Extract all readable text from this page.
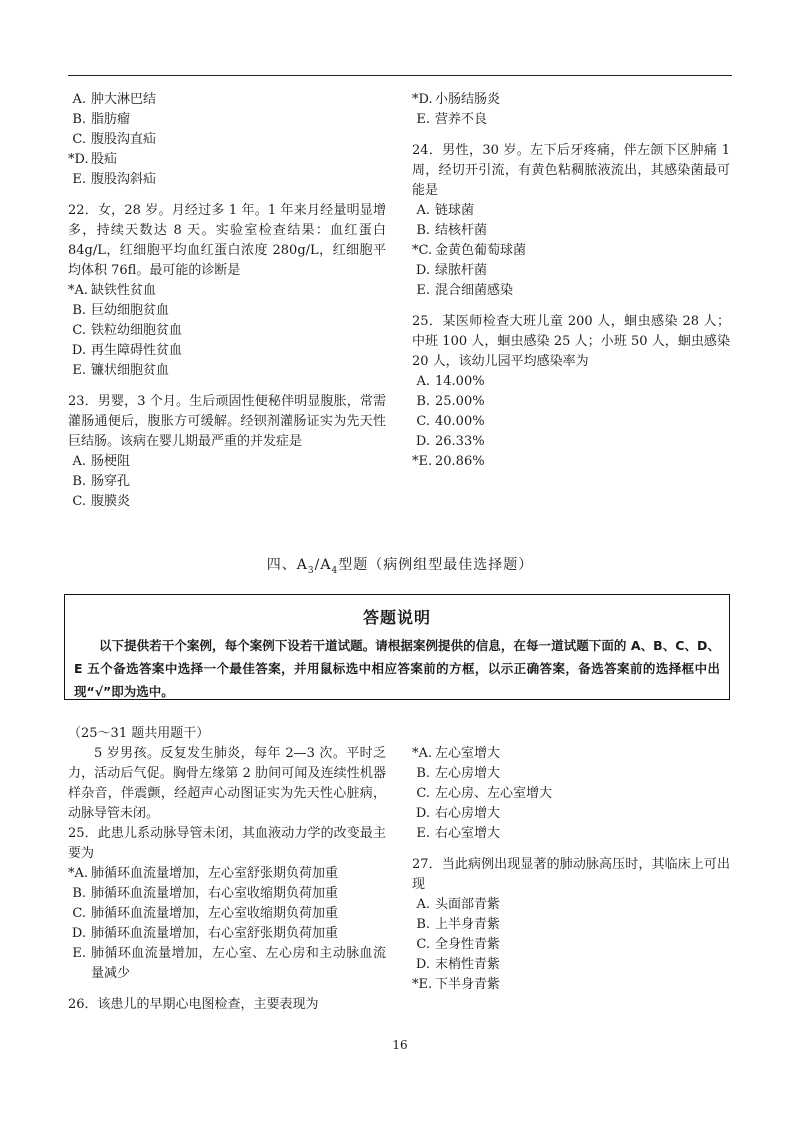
A. 肿大淋巴结
B. 脂肪瘤
C. 腹股沟直疝
*D. 股疝
E. 腹股沟斜疝
22．女，28 岁。月经过多 1 年。1 年来月经量明显增多，持续天数达 8 天。实验室检查结果：血红蛋白 84g/L，红细胞平均血红蛋白浓度 280g/L，红细胞平均体积 76fl。最可能的诊断是
*A. 缺铁性贫血
B. 巨幼细胞贫血
C. 铁粒幼细胞贫血
D. 再生障碍性贫血
E. 镰状细胞贫血
23．男婴，3 个月。生后顽固性便秘伴明显腹胀，常需灌肠通便后，腹胀方可缓解。经钡剂灌肠证实为先天性巨结肠。该病在婴儿期最严重的并发症是
A. 肠梗阻
B. 肠穿孔
C. 腹膜炎
*D. 小肠结肠炎
E. 营养不良
24．男性，30 岁。左下后牙疼痛，伴左颌下区肿痛 1 周，经切开引流，有黄色粘稠脓液流出，其感染菌最可能是
A. 链球菌
B. 结核杆菌
*C. 金黄色葡萄球菌
D. 绿脓杆菌
E. 混合细菌感染
25．某医师检查大班儿童 200 人，蛔虫感染 28 人；中班 100 人，蛔虫感染 25 人；小班 50 人，蛔虫感染 20 人，该幼儿园平均感染率为
A. 14.00%
B. 25.00%
C. 40.00%
D. 26.33%
*E. 20.86%
四、$A_3/A_4$型题（病例组型最佳选择题）
答题说明
以下提供若干个案例，每个案例下设若干道试题。请根据案例提供的信息，在每一道试题下面的 A、B、C、D、E 五个备选答案中选择一个最佳答案，并用鼠标选中相应答案前的方框，以示正确答案，备选答案前的选择框中出现“√”即为选中。
（25～31 题共用题干）
5 岁男孩。反复发生肺炎，每年 2—3 次。平时乏力，活动后气促。胸骨左缘第 2 肋间可闻及连续性机器样杂音，伴震颤，经超声心动图证实为先天性心脏病，动脉导管未闭。
25．此患儿系动脉导管未闭，其血液动力学的改变最主要为
*A. 肺循环血流量增加，左心室舒张期负荷加重
B. 肺循环血流量增加，右心室收缩期负荷加重
C. 肺循环血流量增加，左心室收缩期负荷加重
D. 肺循环血流量增加，右心室舒张期负荷加重
E. 肺循环血流量增加，左心室、左心房和主动脉血流量减少
26．该患儿的早期心电图检查，主要表现为
*A. 左心室增大
B. 左心房增大
C. 左心房、左心室增大
D. 右心房增大
E. 右心室增大
27．当此病例出现显著的肺动脉高压时，其临床上可出现
A. 头面部青紫
B. 上半身青紫
C. 全身性青紫
D. 末梢性青紫
*E. 下半身青紫
16
